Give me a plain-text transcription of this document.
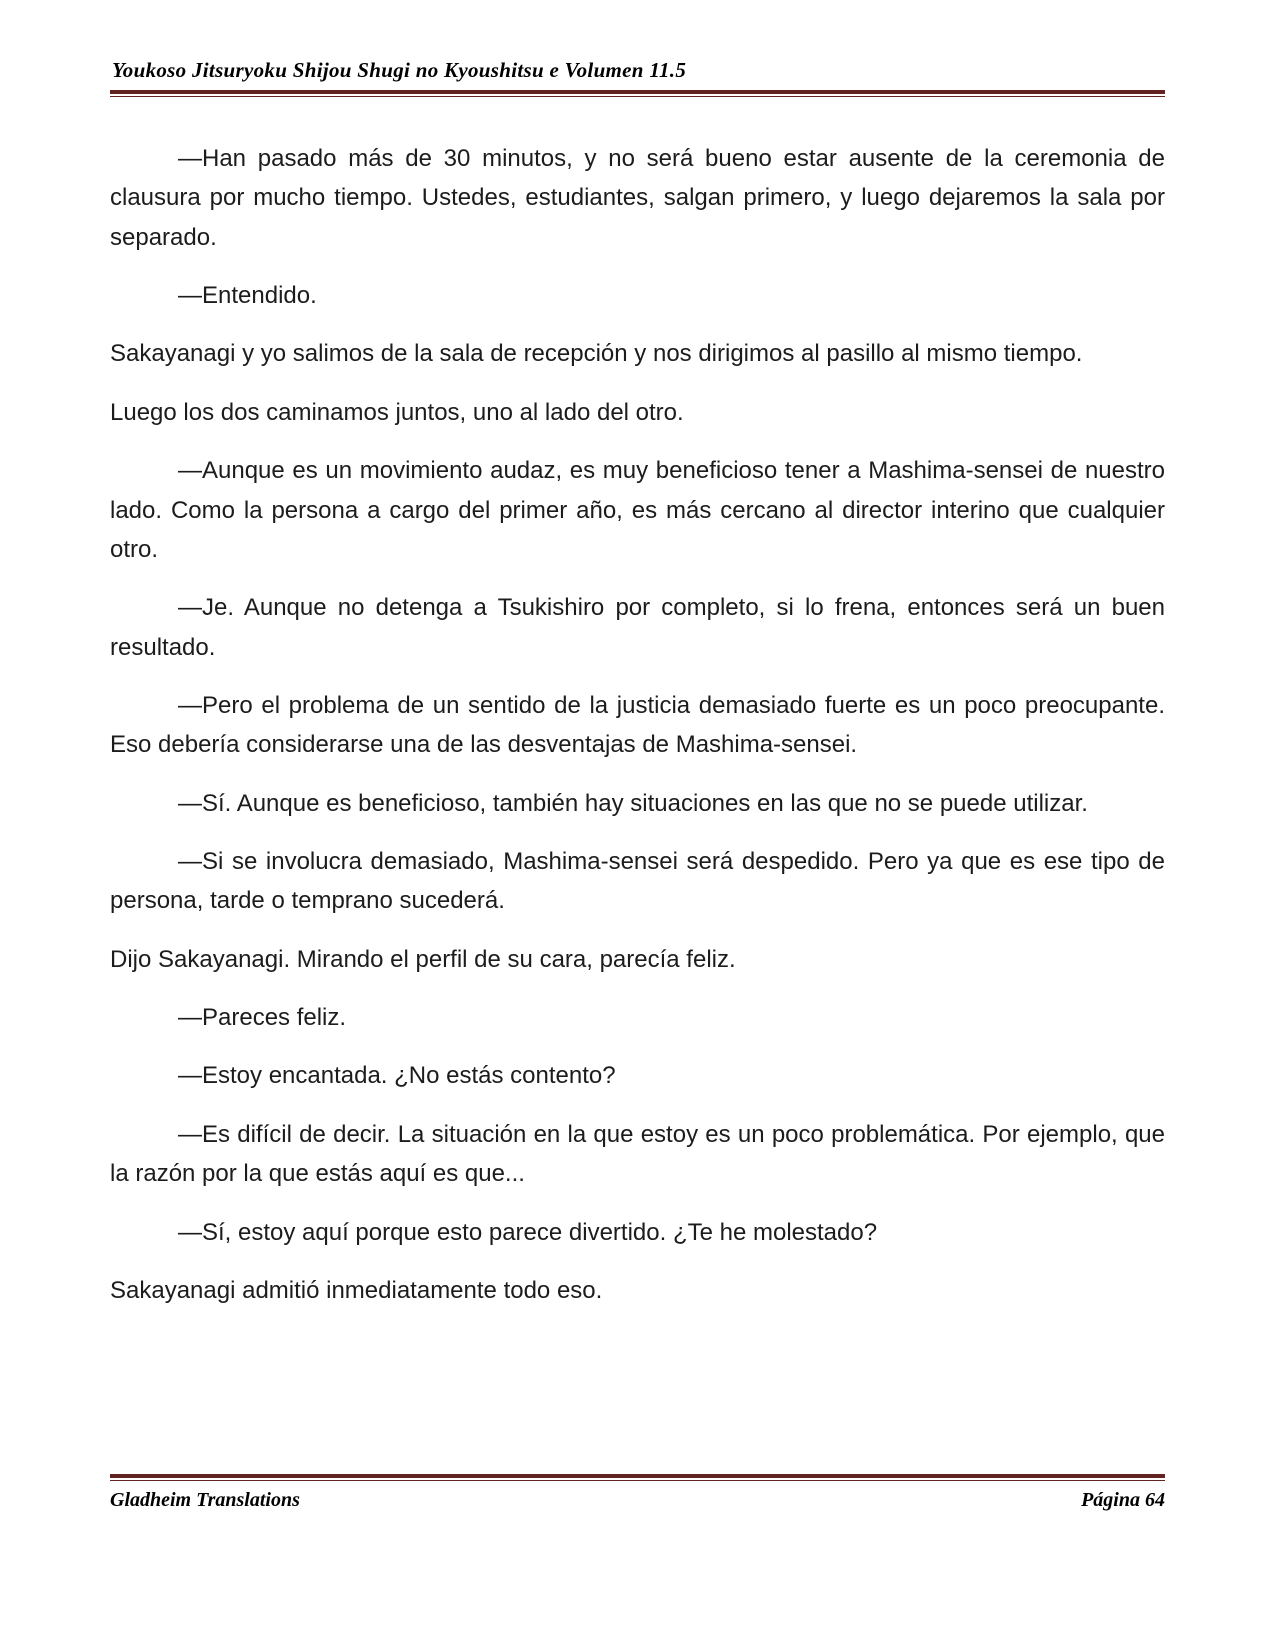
Youkoso Jitsuryoku Shijou Shugi no Kyoushitsu e Volumen 11.5

—Han pasado más de 30 minutos, y no será bueno estar ausente de la ceremonia de clausura por mucho tiempo. Ustedes, estudiantes, salgan primero, y luego dejaremos la sala por separado.

—Entendido.

Sakayanagi y yo salimos de la sala de recepción y nos dirigimos al pasillo al mismo tiempo.

Luego los dos caminamos juntos, uno al lado del otro.

—Aunque es un movimiento audaz, es muy beneficioso tener a Mashima-sensei de nuestro lado. Como la persona a cargo del primer año, es más cercano al director interino que cualquier otro.

—Je. Aunque no detenga a Tsukishiro por completo, si lo frena, entonces será un buen resultado.

—Pero el problema de un sentido de la justicia demasiado fuerte es un poco preocupante. Eso debería considerarse una de las desventajas de Mashima-sensei.

—Sí. Aunque es beneficioso, también hay situaciones en las que no se puede utilizar.

—Si se involucra demasiado, Mashima-sensei será despedido. Pero ya que es ese tipo de persona, tarde o temprano sucederá.

Dijo Sakayanagi. Mirando el perfil de su cara, parecía feliz.

—Pareces feliz.

—Estoy encantada. ¿No estás contento?

—Es difícil de decir. La situación en la que estoy es un poco problemática. Por ejemplo, que la razón por la que estás aquí es que...

—Sí, estoy aquí porque esto parece divertido. ¿Te he molestado?

Sakayanagi admitió inmediatamente todo eso.

Gladheim Translations	Página 64
